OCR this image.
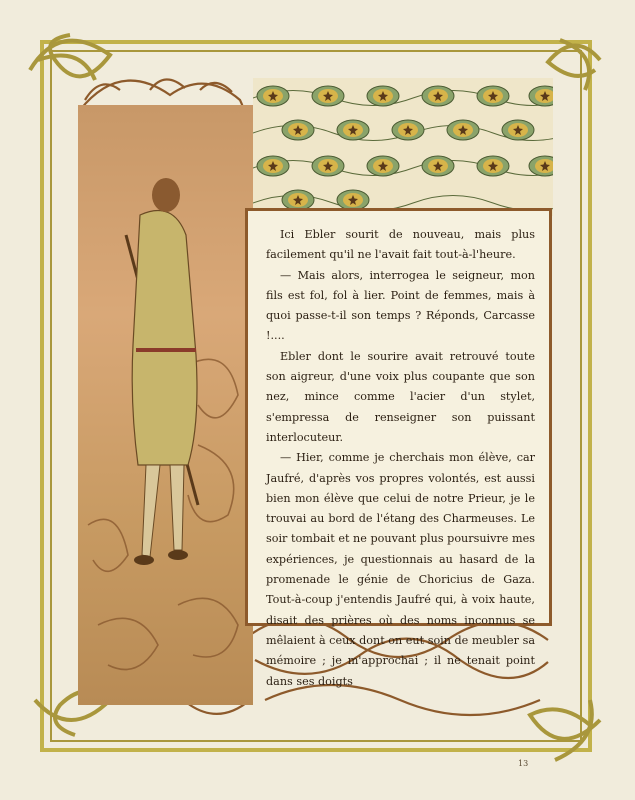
Ici Ebler sourit de nouveau, mais plus facilement qu'il ne l'avait fait tout-à-l'heure.

— Mais alors, interrogea le seigneur, mon fils est fol, fol à lier. Point de femmes, mais à quoi passe-t-il son temps ? Réponds, Carcasse !....

Ebler dont le sourire avait retrouvé toute son aigreur, d'une voix plus coupante que son nez, mince comme l'acier d'un stylet, s'empressa de renseigner son puissant interlocuteur.

— Hier, comme je cherchais mon élève, car Jaufré, d'après vos propres volontés, est aussi bien mon élève que celui de notre Prieur, je le trouvai au bord de l'étang des Charmeuses. Le soir tombait et ne pouvant plus poursuivre mes expériences, je questionnais au hasard de la promenade le génie de Choricius de Gaza. Tout-à-coup j'entendis Jaufré qui, à voix haute, disait des prières où des noms inconnus se mêlaient à ceux dont on eut soin de meubler sa mémoire ; je m'approchai ; il ne tenait point dans ses doigts

13
